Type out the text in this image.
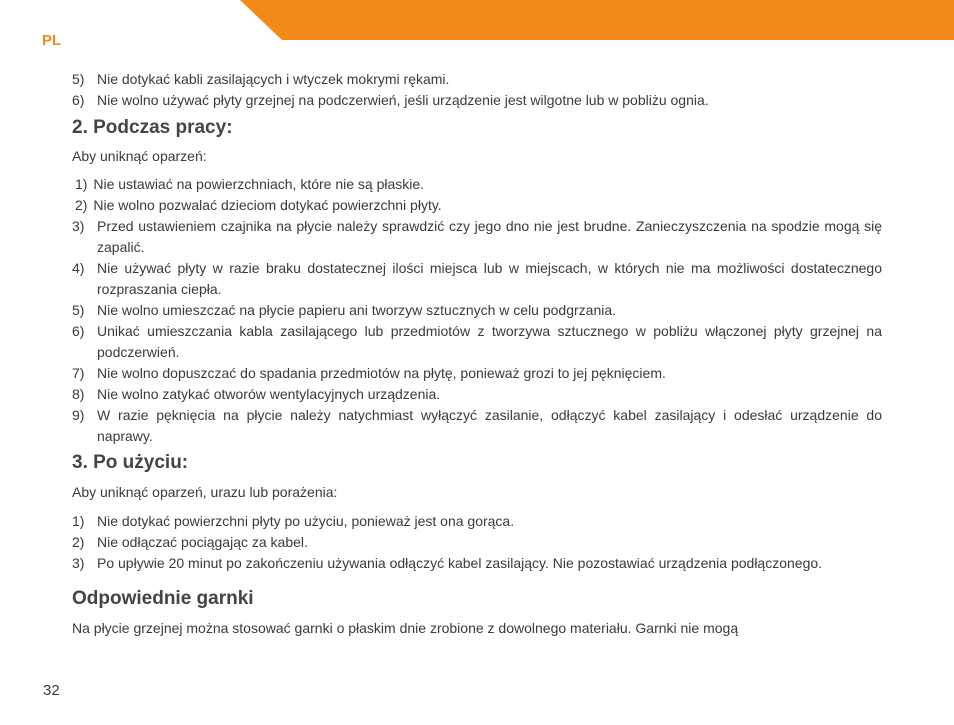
PL

5) Nie dotykać kabli zasilających i wtyczek mokrymi rękami.
6) Nie wolno używać płyty grzejnej na podczerwień, jeśli urządzenie jest wilgotne lub w pobliżu ognia.
2. Podczas pracy:

Aby uniknąć oparzeń:

1) Nie ustawiać na powierzchniach, które nie są płaskie.
2) Nie wolno pozwalać dzieciom dotykać powierzchni płyty.
3) Przed ustawieniem czajnika na płycie należy sprawdzić czy jego dno nie jest brudne. Zanieczyszczenia na spodzie mogą się zapalić.
4) Nie używać płyty w razie braku dostatecznej ilości miejsca lub w miejscach, w których nie ma możliwości dostatecznego rozpraszania ciepła.
5) Nie wolno umieszczać na płycie papieru ani tworzyw sztucznych w celu podgrzania.
6) Unikać umieszczania kabla zasilającego lub przedmiotów z tworzywa sztucznego w pobliżu włączonej płyty grzejnej na podczerwień.
7) Nie wolno dopuszczać do spadania przedmiotów na płytę, ponieważ grozi to jej pęknięciem.
8) Nie wolno zatykać otworów wentylacyjnych urządzenia.
9) W razie pęknięcia na płycie należy natychmiast wyłączyć zasilanie, odłączyć kabel zasilający i odesłać urządzenie do naprawy.
3. Po użyciu:

Aby uniknąć oparzeń, urazu lub porażenia:

1) Nie dotykać powierzchni płyty po użyciu, ponieważ jest ona gorąca.
2) Nie odłączać pociągając za kabel.
3) Po upływie 20 minut po zakończeniu używania odłączyć kabel zasilający. Nie pozostawiać urządzenia podłączonego.
Odpowiednie garnki

Na płycie grzejnej można stosować garnki o płaskim dnie zrobione z dowolnego materiału. Garnki nie mogą

32
